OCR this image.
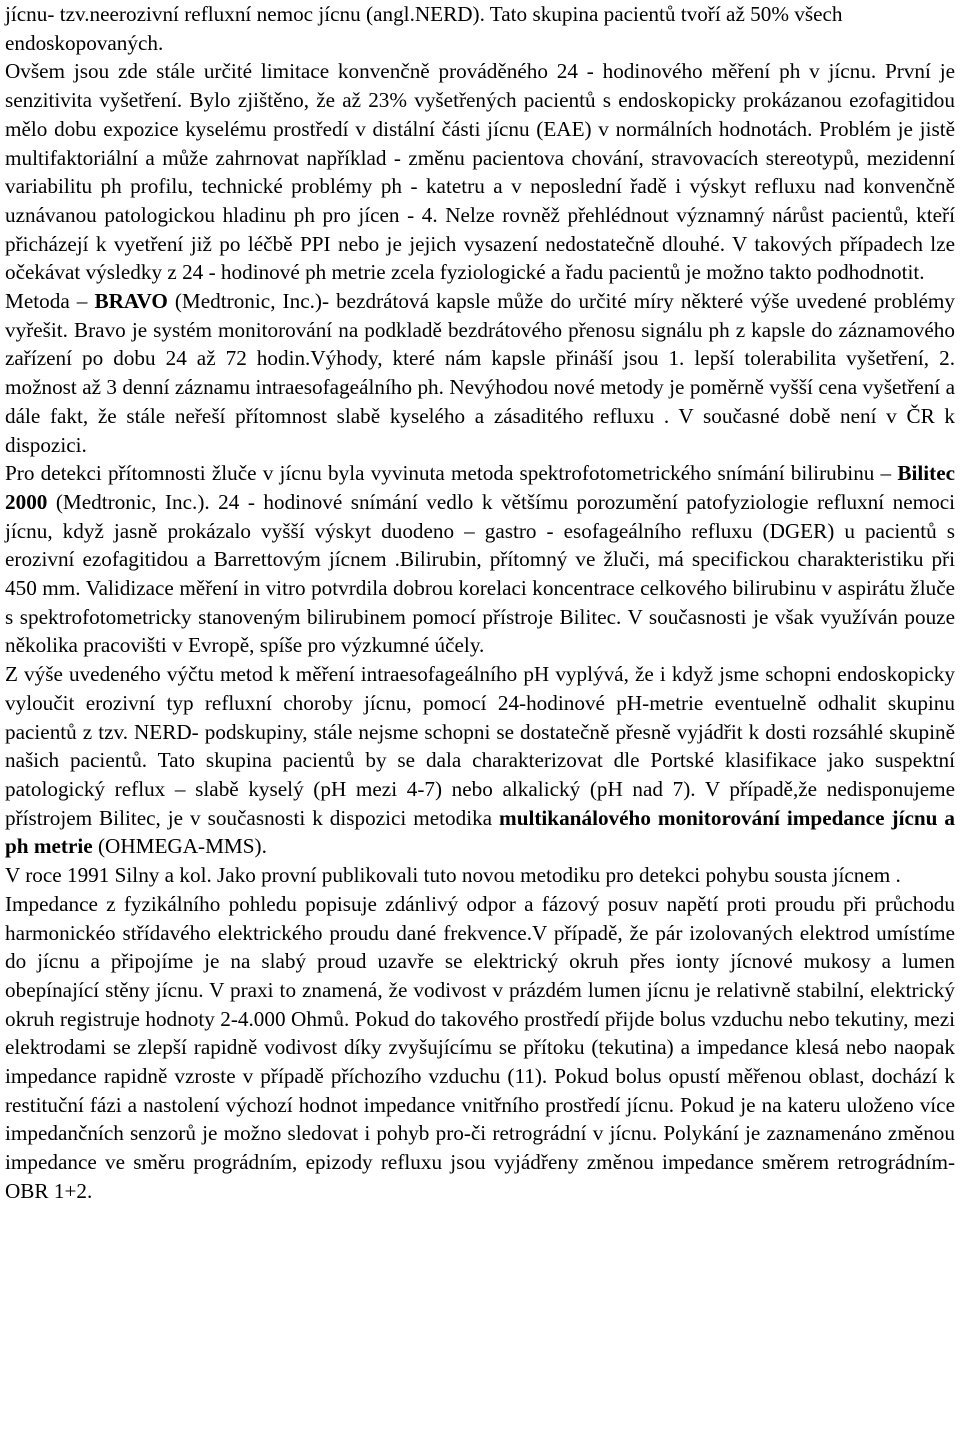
jícnu- tzv.neerozivní refluxní nemoc jícnu (angl.NERD). Tato skupina pacientů tvoří až 50% všech endoskopovaných.

Ovšem jsou zde stále určité limitace konvenčně prováděného 24 - hodinového měření ph v jícnu. První je senzitivita vyšetření. Bylo zjištěno, že až 23% vyšetřených pacientů s endoskopicky prokázanou ezofagitidou mělo dobu expozice kyselému prostředí v distální části jícnu (EAE) v normálních hodnotách. Problém je jistě multifaktoriální a může zahrnovat například - změnu pacientova chování, stravovacích stereotypů, mezidenní variabilitu ph profilu, technické problémy ph - katetru a v neposlední řadě i výskyt refluxu nad konvenčně uznávanou patologickou hladinu ph pro jícen - 4. Nelze rovněž přehlédnout významný nárůst pacientů, kteří přicházejí k vyetření již po léčbě PPI nebo je jejich vysazení nedostatečně dlouhé. V takových případech lze očekávat výsledky z 24 - hodinové ph metrie zcela fyziologické a řadu pacientů je možno takto podhodnotit.

Metoda – BRAVO (Medtronic, Inc.)- bezdrátová kapsle může do určité míry některé výše uvedené problémy vyřešit. Bravo je systém monitorování na podkladě bezdrátového přenosu signálu ph z kapsle do záznamového zařízení po dobu 24 až 72 hodin.Výhody, které nám kapsle přináší jsou 1. lepší tolerabilita vyšetření, 2. možnost až 3 denní záznamu intraesofageálního ph. Nevýhodou nové metody je poměrně vyšší cena vyšetření a dále fakt, že stále neřeší přítomnost slabě kyselého a zásaditého refluxu . V současné době není v ČR k dispozici.

Pro detekci přítomnosti žluče v jícnu byla vyvinuta metoda spektrofotometrického snímání bilirubinu – Bilitec 2000 (Medtronic, Inc.). 24 - hodinové snímání vedlo k většímu porozumění patofyziologie refluxní nemoci jícnu, když jasně prokázalo vyšší výskyt duodeno – gastro - esofageálního refluxu (DGER) u pacientů s erozivní ezofagitidou a Barrettovým jícnem .Bilirubin, přítomný ve žluči, má specifickou charakteristiku při 450 mm. Validizace měření in vitro potvrdila dobrou korelaci koncentrace celkového bilirubinu v aspirátu žluče s spektrofotometricky stanoveným bilirubinem pomocí přístroje Bilitec. V současnosti je však využíván pouze několika pracovišti v Evropě, spíše pro výzkumné účely.

Z výše uvedeného výčtu metod k měření intraesofageálního pH vyplývá, že i když jsme schopni endoskopicky vyloučit erozivní typ refluxní choroby jícnu, pomocí 24-hodinové pH-metrie eventuelně odhalit skupinu pacientů z tzv. NERD- podskupiny, stále nejsme schopni se dostatečně přesně vyjádřit k dosti rozsáhlé skupině našich pacientů. Tato skupina pacientů by se dala charakterizovat dle Portské klasifikace jako suspektní patologický reflux – slabě kyselý (pH mezi 4-7) nebo alkalický (pH nad 7). V případě,že nedisponujeme přístrojem Bilitec, je v současnosti k dispozici metodika multikanálového monitorování impedance jícnu a ph metrie (OHMEGA-MMS).

V roce 1991 Silny a kol. Jako provní publikovali tuto novou metodiku pro detekci pohybu sousta jícnem .

Impedance z fyzikálního pohledu popisuje zdánlivý odpor a fázový posuv napětí proti proudu při průchodu harmonickéo střídavého elektrického proudu dané frekvence.V případě, že pár izolovaných elektrod umístíme do jícnu a připojíme je na slabý proud uzavře se elektrický okruh přes ionty jícnové mukosy a lumen obepínající stěny jícnu. V praxi to znamená, že vodivost v prázdém lumen jícnu je relativně stabilní, elektrický okruh registruje hodnoty 2-4.000 Ohmů. Pokud do takového prostředí přijde bolus vzduchu nebo tekutiny, mezi elektrodami se zlepší rapidně vodivost díky zvyšujícímu se přítoku (tekutina) a impedance klesá nebo naopak impedance rapidně vzroste v případě příchozího vzduchu (11). Pokud bolus opustí měřenou oblast, dochází k restituční fázi a nastolení výchozí hodnot impedance vnitřního prostředí jícnu. Pokud je na kateru uloženo více impedančních senzorů je možno sledovat i pohyb pro-či retrográdní v jícnu. Polykání je zaznamenáno změnou impedance ve směru prográdním, epizody refluxu jsou vyjádřeny změnou impedance směrem retrográdním- OBR 1+2.
